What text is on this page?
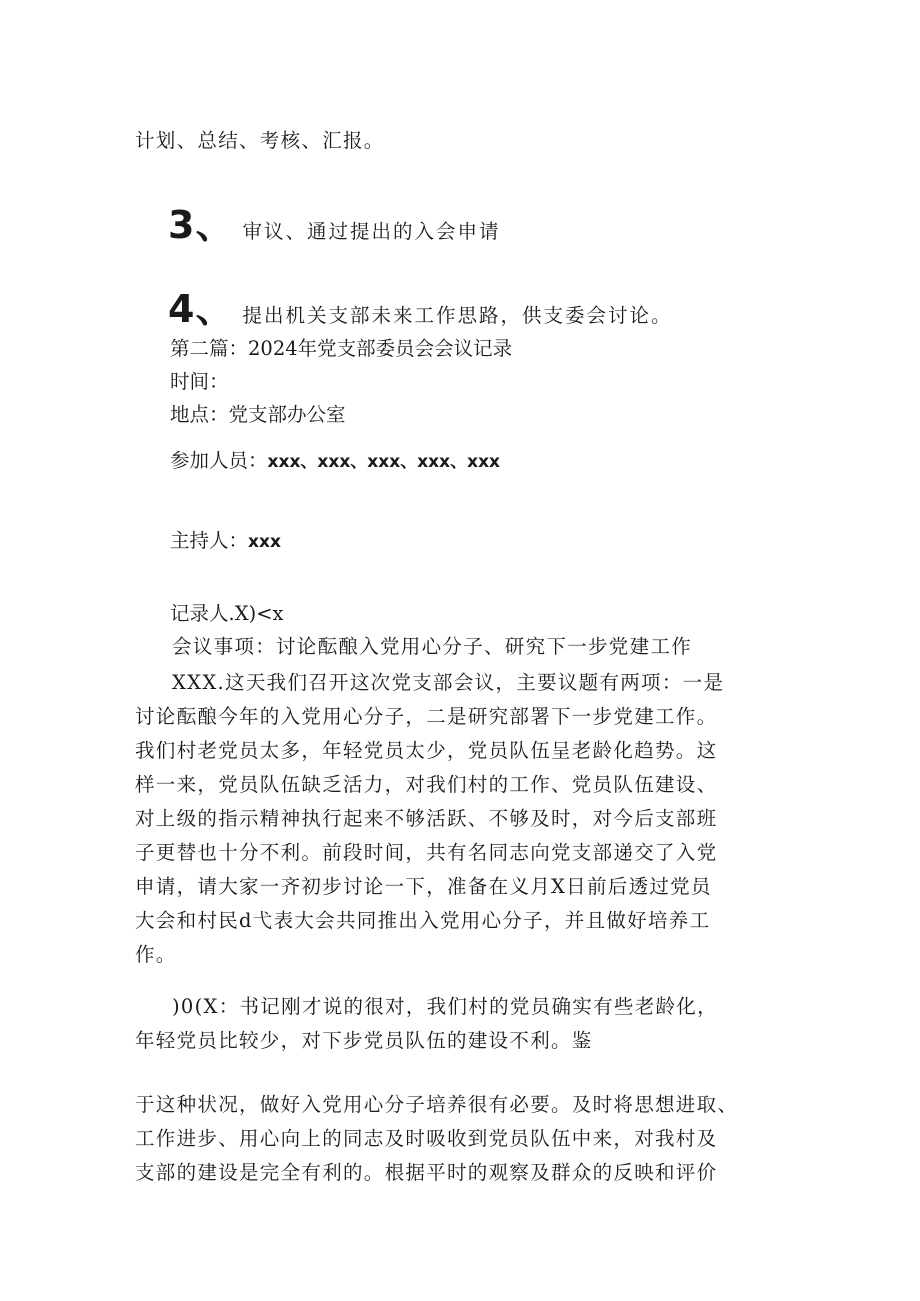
计划、总结、考核、汇报。
3、 审议、通过提出的入会申请
4、 提出机关支部未来工作思路，供支委会讨论。
第二篇：2024年党支部委员会会议记录
时间：
地点：党支部办公室
参加人员：xxx、xxx、xxx、xxx、xxx
主持人：xxx
记录人.X)<x
会议事项：讨论酝酿入党用心分子、研究下一步党建工作
XXX.这天我们召开这次党支部会议，主要议题有两项：一是
讨论酝酿今年的入党用心分子，二是研究部署下一步党建工作。
我们村老党员太多，年轻党员太少，党员队伍呈老龄化趋势。这
样一来，党员队伍缺乏活力，对我们村的工作、党员队伍建设、
对上级的指示精神执行起来不够活跃、不够及时，对今后支部班
子更替也十分不利。前段时间，共有名同志向党支部递交了入党
申请，请大家一齐初步讨论一下，准备在义月X日前后透过党员
大会和村民d弋表大会共同推出入党用心分子，并且做好培养工
作。
)0(X：书记刚才说的很对，我们村的党员确实有些老龄化，
年轻党员比较少，对下步党员队伍的建设不利。鉴
于这种状况，做好入党用心分子培养很有必要。及时将思想进取、
工作进步、用心向上的同志及时吸收到党员队伍中来，对我村及
支部的建设是完全有利的。根据平时的观察及群众的反映和评价
